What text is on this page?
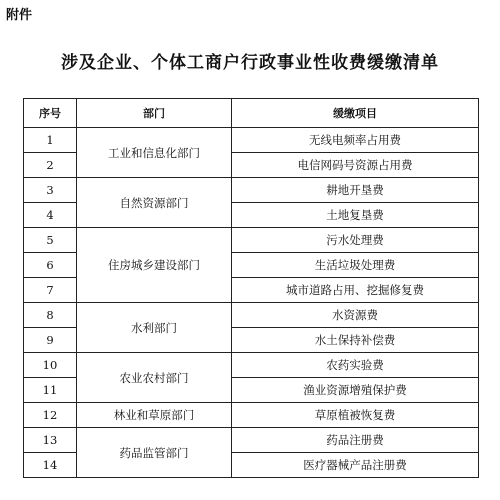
附件
涉及企业、个体工商户行政事业性收费缓缴清单
序号	部门	缓缴项目
1	工业和信息化部门	无线电频率占用费
2		电信网码号资源占用费
3	自然资源部门	耕地开垦费
4		土地复垦费
5	住房城乡建设部门	污水处理费
6		生活垃圾处理费
7		城市道路占用、挖掘修复费
8	水利部门	水资源费
9		水土保持补偿费
10	农业农村部门	农药实验费
11		渔业资源增殖保护费
12	林业和草原部门	草原植被恢复费
13	药品监管部门	药品注册费
14		医疗器械产品注册费
